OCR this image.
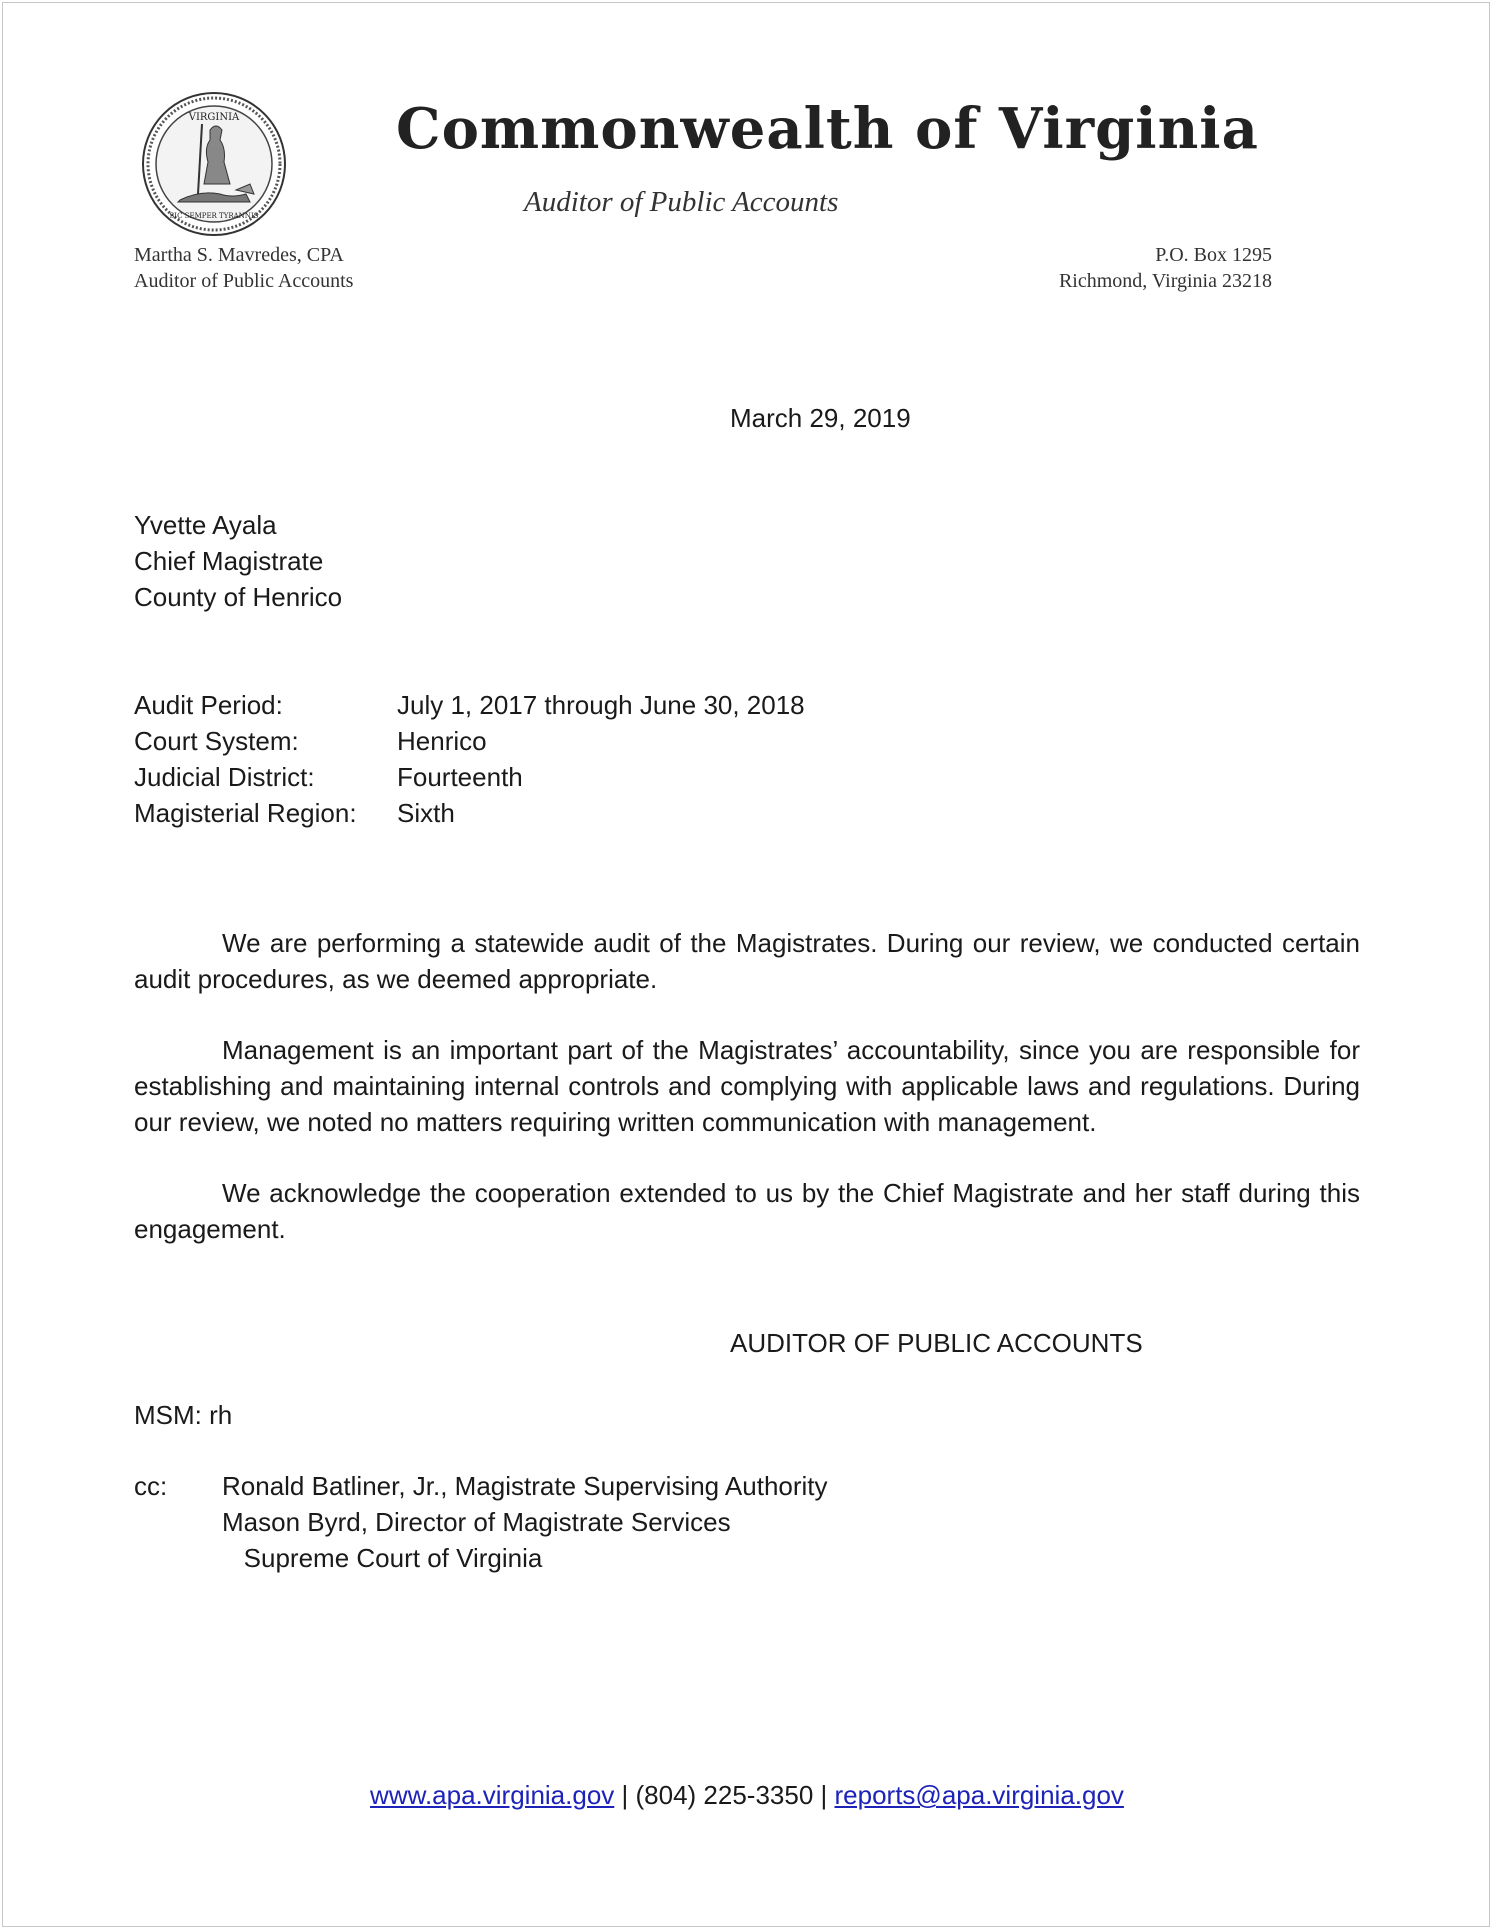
VIRGINIA
SIC SEMPER TYRANNIS
Commonwealth of Virginia
Auditor of Public Accounts
Martha S. Mavredes, CPA
Auditor of Public Accounts
P.O. Box 1295
Richmond, Virginia 23218
March 29, 2019
Yvette Ayala
Chief Magistrate
County of Henrico
Audit Period:	July 1, 2017 through June 30, 2018
Court System:	Henrico
Judicial District:	Fourteenth
Magisterial Region:	Sixth

We are performing a statewide audit of the Magistrates. During our review, we conducted certain audit procedures, as we deemed appropriate.

Management is an important part of the Magistrates’ accountability, since you are responsible for establishing and maintaining internal controls and complying with applicable laws and regulations. During our review, we noted no matters requiring written communication with management.

We acknowledge the cooperation extended to us by the Chief Magistrate and her staff during this engagement.

AUDITOR OF PUBLIC ACCOUNTS
MSM: rh
cc:	Ronald Batliner, Jr., Magistrate Supervising Authority
Mason Byrd, Director of Magistrate Services
Supreme Court of Virginia
www.apa.virginia.gov | (804) 225-3350 | reports@apa.virginia.gov
